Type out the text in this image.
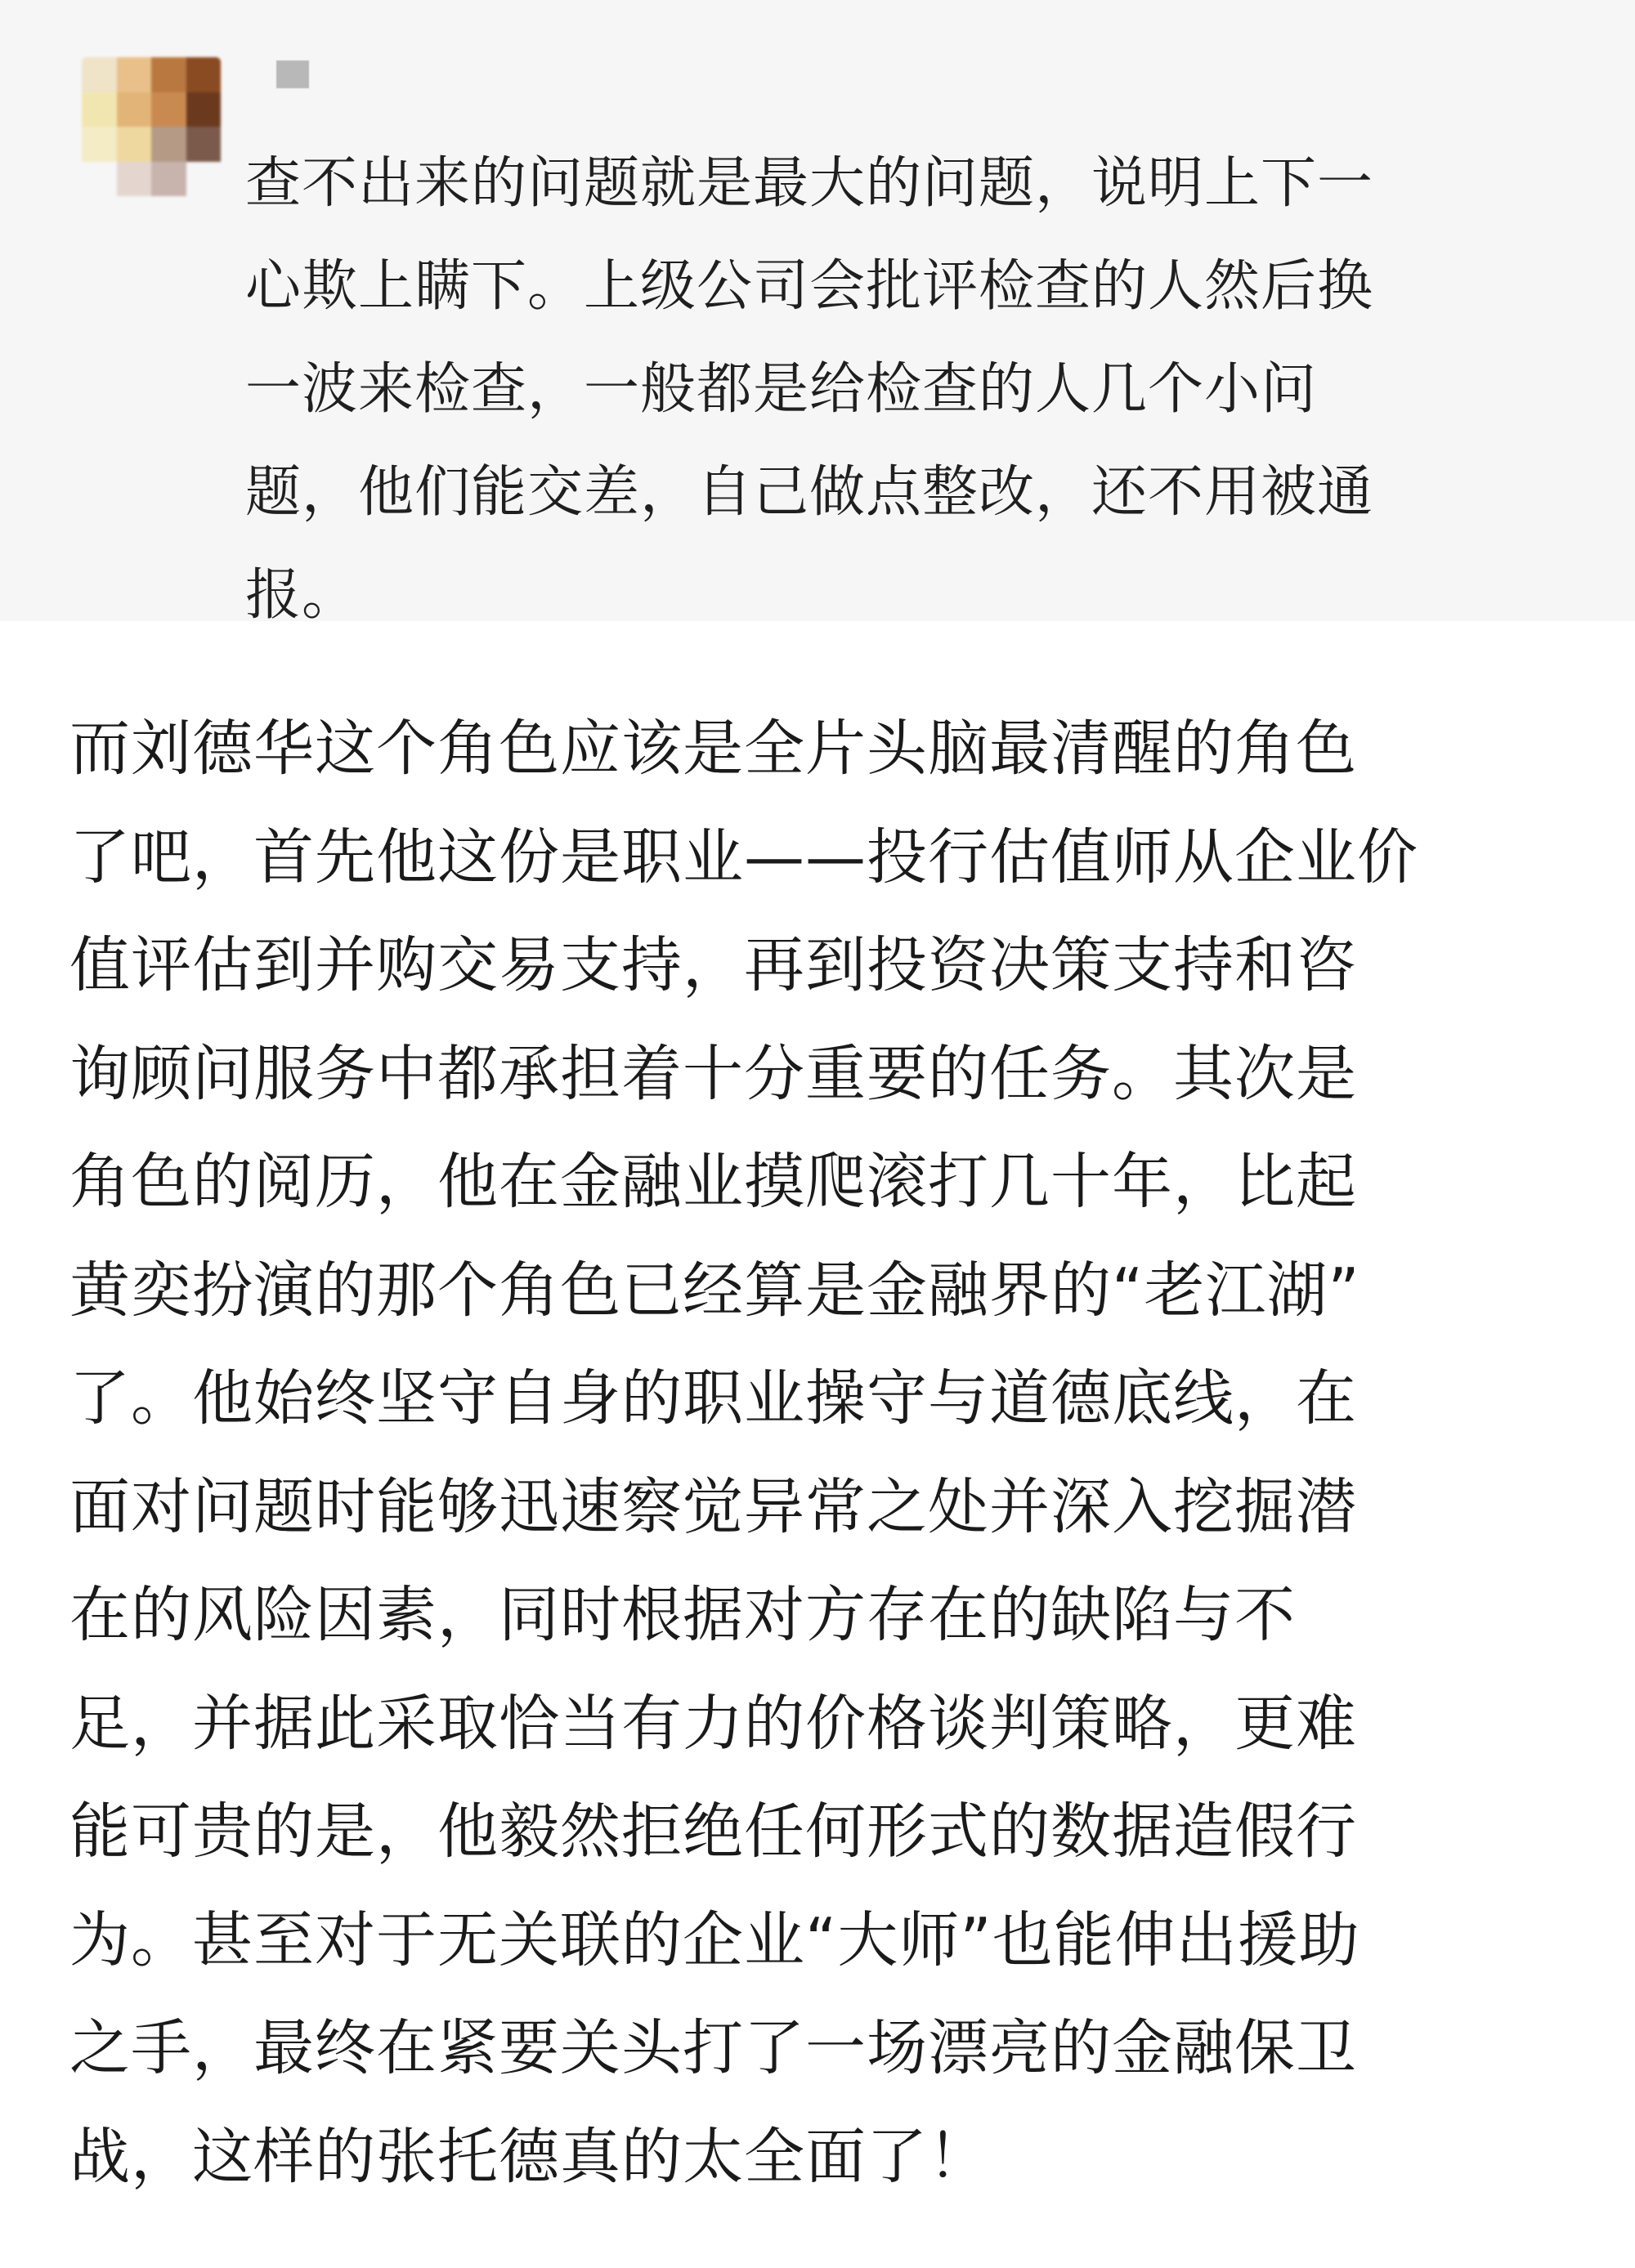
查不出来的问题就是最大的问题，说明上下一
心欺上瞒下。上级公司会批评检查的人然后换
一波来检查，一般都是给检查的人几个小问
题，他们能交差，自己做点整改，还不用被通
报。

而刘德华这个角色应该是全片头脑最清醒的角色
了吧，首先他这份是职业——投行估值师从企业价
值评估到并购交易支持，再到投资决策支持和咨
询顾问服务中都承担着十分重要的任务。其次是
角色的阅历，他在金融业摸爬滚打几十年，比起
黄奕扮演的那个角色已经算是金融界的“老江湖”
了。他始终坚守自身的职业操守与道德底线，在
面对问题时能够迅速察觉异常之处并深入挖掘潜
在的风险因素，同时根据对方存在的缺陷与不
足，并据此采取恰当有力的价格谈判策略，更难
能可贵的是，他毅然拒绝任何形式的数据造假行
为。甚至对于无关联的企业“大师”也能伸出援助
之手，最终在紧要关头打了一场漂亮的金融保卫
战，这样的张托德真的太全面了！
